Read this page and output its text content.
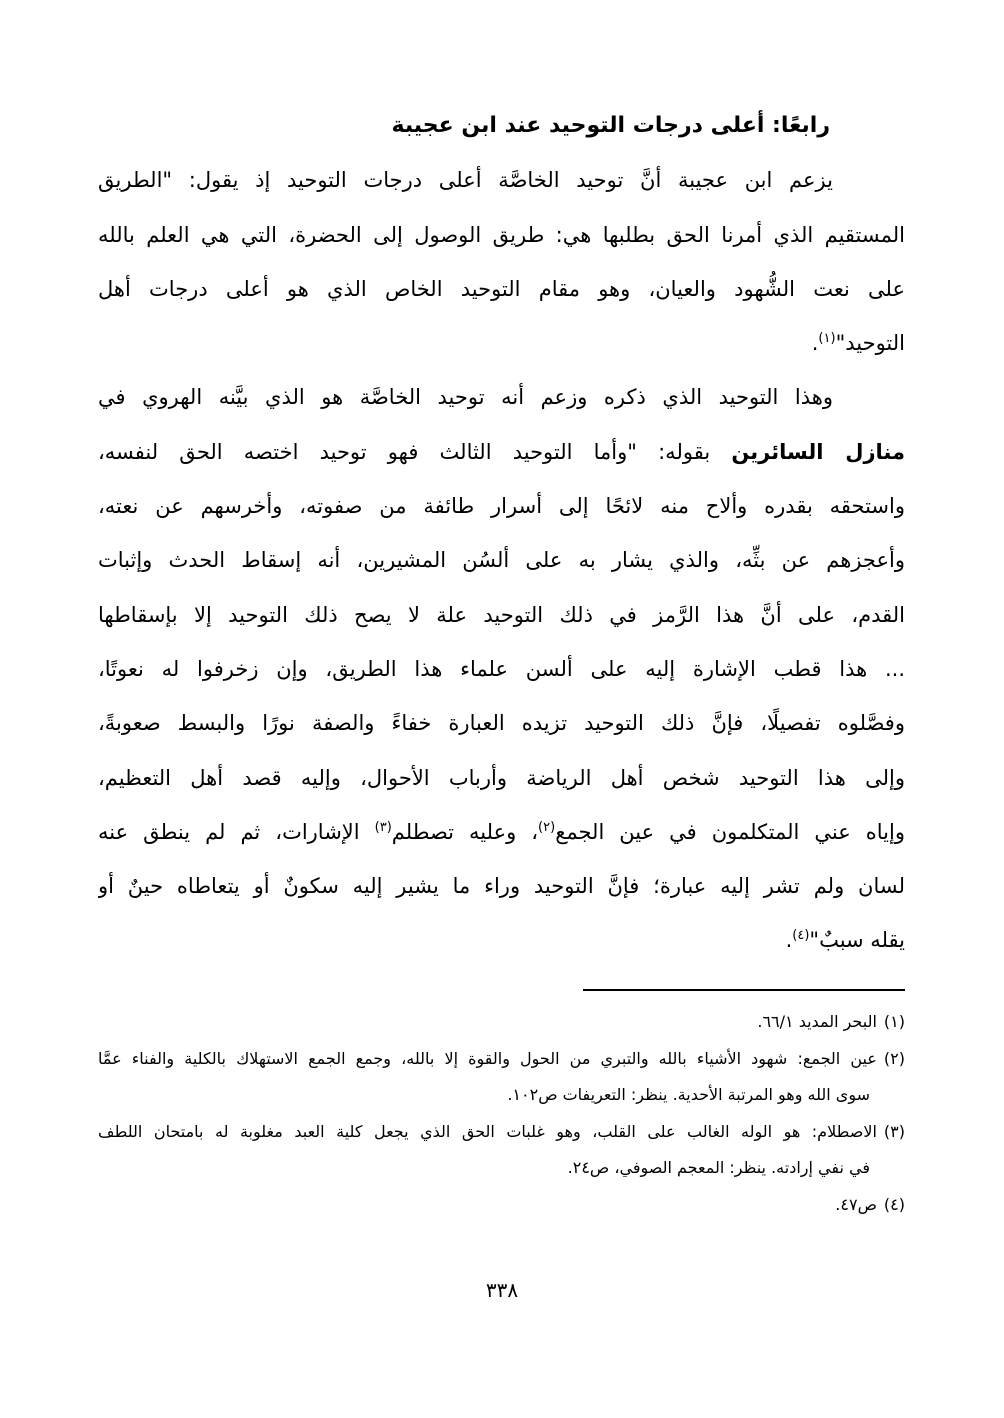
رابعًا: أعلى درجات التوحيد عند ابن عجيبة
يزعم ابن عجيبة أنَّ توحيد الخاصَّة أعلى درجات التوحيد إذ يقول: "الطريق
المستقيم الذي أمرنا الحق بطلبها هي: طريق الوصول إلى الحضرة، التي هي العلم بالله
على نعت الشُّهود والعيان، وهو مقام التوحيد الخاص الذي هو أعلى درجات أهل
التوحيد"$^{(١)}$.
وهذا التوحيد الذي ذكره وزعم أنه توحيد الخاصَّة هو الذي بيَّنه الهروي في
منازل السائرين بقوله: "وأما التوحيد الثالث فهو توحيد اختصه الحق لنفسه،
واستحقه بقدره وألاح منه لائحًا إلى أسرار طائفة من صفوته، وأخرسهم عن نعته،
وأعجزهم عن بثِّه، والذي يشار به على ألسُن المشيرين، أنه إسقاط الحدث وإثبات
القدم، على أنَّ هذا الرَّمز في ذلك التوحيد علة لا يصح ذلك التوحيد إلا بإسقاطها
... هذا قطب الإشارة إليه على ألسن علماء هذا الطريق، وإن زخرفوا له نعوتًا،
وفصَّلوه تفصيلًا، فإنَّ ذلك التوحيد تزيده العبارة خفاءً والصفة نورًا والبسط صعوبةً،
وإلى هذا التوحيد شخص أهل الرياضة وأرباب الأحوال، وإليه قصد أهل التعظيم،
وإياه عني المتكلمون في عين الجمع$^{(٢)}$، وعليه تصطلم$^{(٣)}$ الإشارات، ثم لم ينطق عنه
لسان ولم تشر إليه عبارة؛ فإنَّ التوحيد وراء ما يشير إليه سكونٌ أو يتعاطاه حينٌ أو
يقله سببٌ"$^{(٤)}$.
(١)البحر المديد ٦٦/١.
(٢)عين الجمع: شهود الأشياء بالله والتبري من الحول والقوة إلا بالله، وجمع الجمع الاستهلاك بالكلية والفناء عمَّا
سوى الله وهو المرتبة الأحدية. ينظر: التعريفات ص١٠٢.
(٣)الاصطلام: هو الوله الغالب على القلب، وهو غلبات الحق الذي يجعل كلية العبد مغلوبة له بامتحان اللطف
في نفي إرادته. ينظر: المعجم الصوفي، ص٢٤.
(٤)ص٤٧.
٣٣٨
